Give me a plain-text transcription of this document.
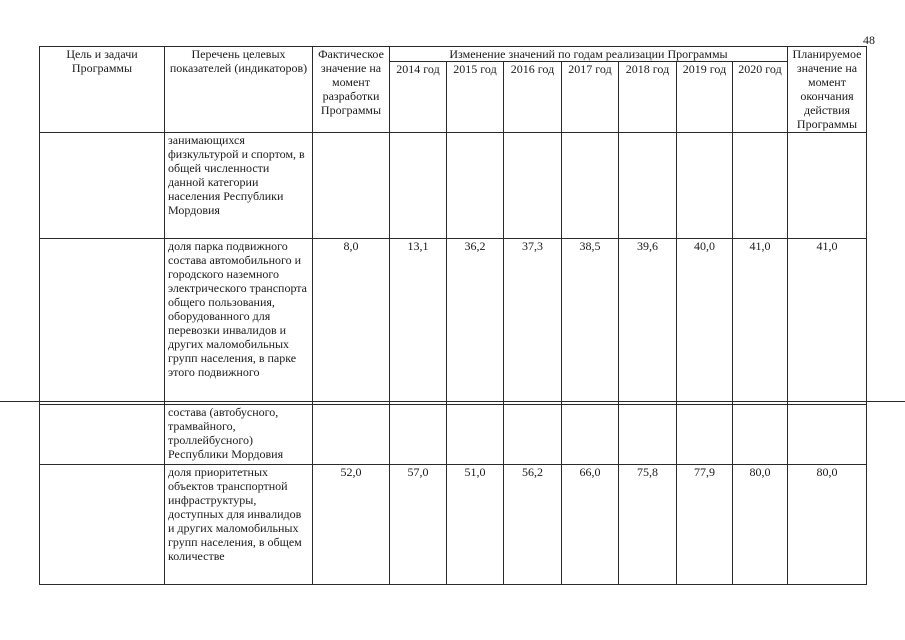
48
Цель и задачи Программы	Перечень целевых показателей (индикаторов)	Фактическое значение на момент разработки Программы	Изменение значений по годам реализации Программы							Планируемое значение на момент окончания действия Программы
			2014 год	2015 год	2016 год	2017 год	2018 год	2019 год	2020 год	
	занимающихся физкультурой и спортом, в общей численности данной категории населения Республики Мордовия									
	доля парка подвижного состава автомобильного и городского наземного электрического транспорта общего пользования, оборудованного для перевозки инвалидов и других маломобильных групп населения, в парке этого подвижного	8,0	13,1	36,2	37,3	38,5	39,6	40,0	41,0	41,0
	состава (автобусного, трамвайного, троллейбусного) Республики Мордовия									
	доля приоритетных объектов транспортной инфраструктуры, доступных для инвалидов и других маломобильных групп населения, в общем количестве	52,0	57,0	51,0	56,2	66,0	75,8	77,9	80,0	80,0
